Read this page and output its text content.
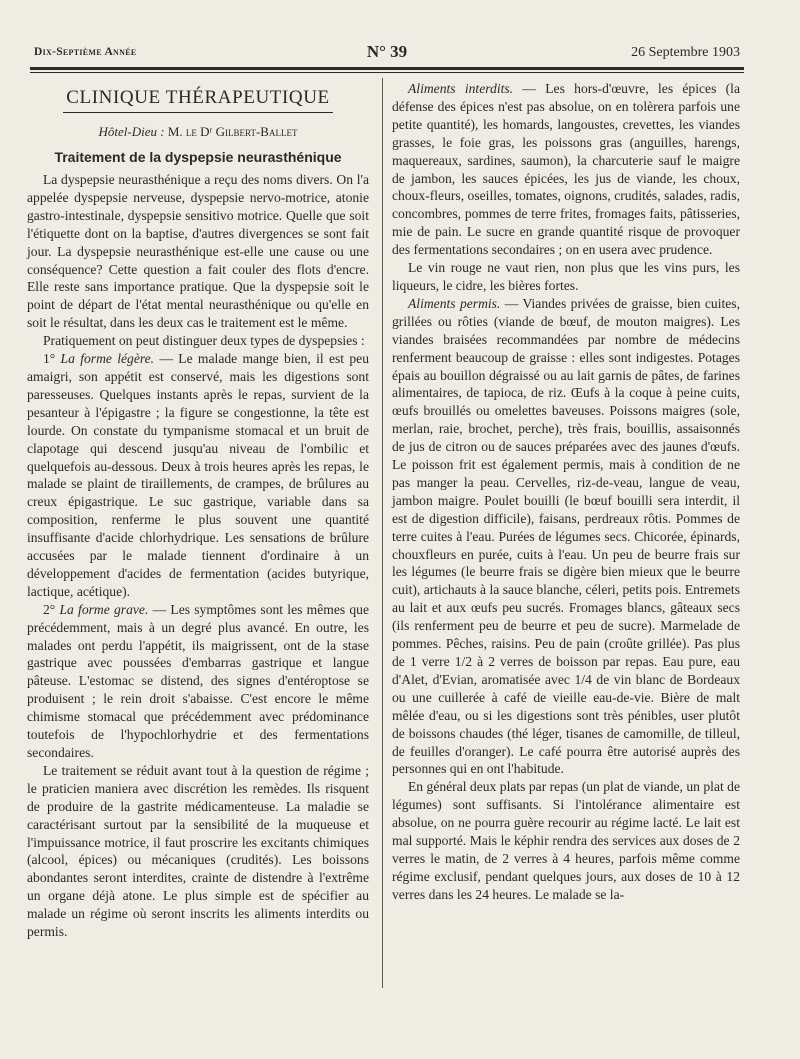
Dix-Septième Année	N° 39	26 Septembre 1903
CLINIQUE THÉRAPEUTIQUE
Hôtel-Dieu : M. le Dʳ Gilbert-Ballet
Traitement de la dyspepsie neurasthénique

La dyspepsie neurasthénique a reçu des noms divers. On l'a appelée dyspepsie nerveuse, dyspepsie nervo-motrice, atonie gastro-intestinale, dyspepsie sensitivo motrice. Quelle que soit l'étiquette dont on la baptise, d'autres divergences se sont fait jour. La dyspepsie neurasthénique est-elle une cause ou une conséquence? Cette question a fait couler des flots d'encre. Elle reste sans importance pratique. Que la dyspepsie soit le point de départ de l'état mental neurasthénique ou qu'elle en soit le résultat, dans les deux cas le traitement est le même.

Pratiquement on peut distinguer deux types de dyspepsies :

1° La forme légère. — Le malade mange bien, il est peu amaigri, son appétit est conservé, mais les digestions sont paresseuses. Quelques instants après le repas, survient de la pesanteur à l'épigastre ; la figure se congestionne, la tête est lourde. On constate du tympanisme stomacal et un bruit de clapotage qui descend jusqu'au niveau de l'ombilic et quelquefois au-dessous. Deux à trois heures après les repas, le malade se plaint de tiraillements, de crampes, de brûlures au creux épigastrique. Le suc gastrique, variable dans sa composition, renferme le plus souvent une quantité insuffisante d'acide chlorhydrique. Les sensations de brûlure accusées par le malade tiennent d'ordinaire à un développement d'acides de fermentation (acides butyrique, lactique, acétique).

2° La forme grave. — Les symptômes sont les mêmes que précédemment, mais à un degré plus avancé. En outre, les malades ont perdu l'appétit, ils maigrissent, ont de la stase gastrique avec poussées d'embarras gastrique et langue pâteuse. L'estomac se distend, des signes d'entéroptose se produisent ; le rein droit s'abaisse. C'est encore le même chimisme stomacal que précédemment avec prédominance toutefois de l'hypochlorhydrie et des fermentations secondaires.

Le traitement se réduit avant tout à la question de régime ; le praticien maniera avec discrétion les remèdes. Ils risquent de produire de la gastrite médicamenteuse. La maladie se caractérisant surtout par la sensibilité de la muqueuse et l'impuissance motrice, il faut proscrire les excitants chimiques (alcool, épices) ou mécaniques (crudités). Les boissons abondantes seront interdites, crainte de distendre à l'extrême un organe déjà atone. Le plus simple est de spécifier au malade un régime où seront inscrits les aliments interdits ou permis.

Aliments interdits. — Les hors-d'œuvre, les épices (la défense des épices n'est pas absolue, on en tolèrera parfois une petite quantité), les homards, langoustes, crevettes, les viandes grasses, le foie gras, les poissons gras (anguilles, harengs, maquereaux, sardines, saumon), la charcuterie sauf le maigre de jambon, les sauces épicées, les jus de viande, les choux, choux-fleurs, oseilles, tomates, oignons, crudités, salades, radis, concombres, pommes de terre frites, fromages faits, pâtisseries, mie de pain. Le sucre en grande quantité risque de provoquer des fermentations secondaires ; on en usera avec prudence.

Le vin rouge ne vaut rien, non plus que les vins purs, les liqueurs, le cidre, les bières fortes.

Aliments permis. — Viandes privées de graisse, bien cuites, grillées ou rôties (viande de bœuf, de mouton maigres). Les viandes braisées recommandées par nombre de médecins renferment beaucoup de graisse : elles sont indigestes. Potages épais au bouillon dégraissé ou au lait garnis de pâtes, de farines alimentaires, de tapioca, de riz. Œufs à la coque à peine cuits, œufs brouillés ou omelettes baveuses. Poissons maigres (sole, merlan, raie, brochet, perche), très frais, bouillis, assaisonnés de jus de citron ou de sauces préparées avec des jaunes d'œufs. Le poisson frit est également permis, mais à condition de ne pas manger la peau. Cervelles, riz-de-veau, langue de veau, jambon maigre. Poulet bouilli (le bœuf bouilli sera interdit, il est de digestion difficile), faisans, perdreaux rôtis. Pommes de terre cuites à l'eau. Purées de légumes secs. Chicorée, épinards, chouxfleurs en purée, cuits à l'eau. Un peu de beurre frais sur les légumes (le beurre frais se digère bien mieux que le beurre cuit), artichauts à la sauce blanche, céleri, petits pois. Entremets au lait et aux œufs peu sucrés. Fromages blancs, gâteaux secs (ils renferment peu de beurre et peu de sucre). Marmelade de pommes. Pêches, raisins. Peu de pain (croûte grillée). Pas plus de 1 verre 1/2 à 2 verres de boisson par repas. Eau pure, eau d'Alet, d'Evian, aromatisée avec 1/4 de vin blanc de Bordeaux ou une cuillerée à café de vieille eau-de-vie. Bière de malt mêlée d'eau, ou si les digestions sont très pénibles, user plutôt de boissons chaudes (thé léger, tisanes de camomille, de tilleul, de feuilles d'oranger). Le café pourra être autorisé auprès des personnes qui en ont l'habitude.

En général deux plats par repas (un plat de viande, un plat de légumes) sont suffisants. Si l'intolérance alimentaire est absolue, on ne pourra guère recourir au régime lacté. Le lait est mal supporté. Mais le képhir rendra des services aux doses de 2 verres le matin, de 2 verres à 4 heures, parfois même comme régime exclusif, pendant quelques jours, aux doses de 10 à 12 verres dans les 24 heures. Le malade se la-
